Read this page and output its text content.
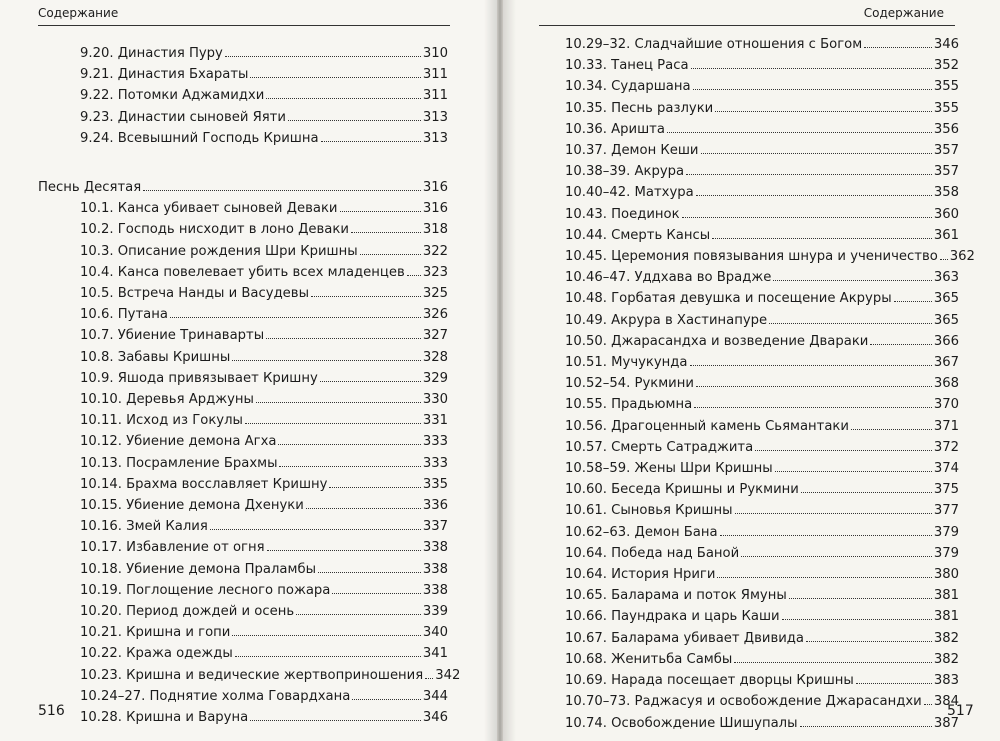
Содержание
9.20. Династия Пуру	310
9.21. Династия Бхараты	311
9.22. Потомки Аджамидхи	311
9.23. Династии сыновей Яяти	313
9.24. Всевышний Господь Кришна	313
Песнь Десятая	316
10.1. Канса убивает сыновей Деваки	316
10.2. Господь нисходит в лоно Деваки	318
10.3. Описание рождения Шри Кришны	322
10.4. Канса повелевает убить всех младенцев 323
10.5. Встреча Нанды и Васудевы	325
10.6. Путана	326
10.7. Убиение Тринаварты	327
10.8. Забавы Кришны	328
10.9. Яшода привязывает Кришну	329
10.10. Деревья Арджуны	330
10.11. Исход из Гокулы	331
10.12. Убиение демона Агха	333
10.13. Посрамление Брахмы	333
10.14. Брахма восславляет Кришну	335
10.15. Убиение демона Дхенуки	336
10.16. Змей Калия	337
10.17. Избавление от огня	338
10.18. Убиение демона Праламбы	338
10.19. Поглощение лесного пожара	338
10.20. Период дождей и осень	339
10.21. Кришна и гопи	340
10.22. Кража одежды	341
10.23. Кришна и ведические жертвоприношения 342
10.24–27. Поднятие холма Говардхана	344
10.28. Кришна и Варуна	346
516
Содержание
10.29–32. Сладчайшие отношения с Богом	346
10.33. Танец Раса	352
10.34. Сударшана	355
10.35. Песнь разлуки	355
10.36. Аришта	356
10.37. Демон Кеши	357
10.38–39. Акрура	357
10.40–42. Матхура	358
10.43. Поединок	360
10.44. Смерть Кансы	361
10.45. Церемония повязывания шнура и ученичество 362
10.46–47. Уддхава во Врадже	363
10.48. Горбатая девушка и посещение Акруры	365
10.49. Акрура в Хастинапуре	365
10.50. Джарасандха и возведение Двараки	366
10.51. Мучукунда	367
10.52–54. Рукмини	368
10.55. Прадьюмна	370
10.56. Драгоценный камень Сьямантаки	371
10.57. Смерть Сатраджита	372
10.58–59. Жены Шри Кришны	374
10.60. Беседа Кришны и Рукмини	375
10.61. Сыновья Кришны	377
10.62–63. Демон Бана	379
10.64. Победа над Баной	379
10.64. История Нриги	380
10.65. Баларама и поток Ямуны	381
10.66. Паундрака и царь Каши	381
10.67. Баларама убивает Двивида	382
10.68. Женитьба Самбы	382
10.69. Нарада посещает дворцы Кришны	383
10.70–73. Раджасуя и освобождение Джарасандхи 384
10.74. Освобождение Шишупалы	387
517
